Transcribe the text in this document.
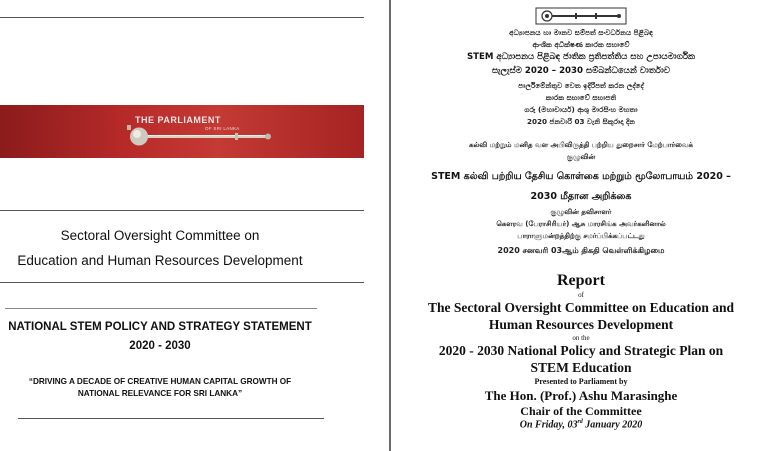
THE PARLIAMENT
OF SRI LANKA
Sectoral Oversight Committee on
Education and Human Resources Development
NATIONAL STEM POLICY AND STRATEGY STATEMENT
2020 - 2030
“DRIVING A DECADE OF CREATIVE HUMAN CAPITAL GROWTH OF
NATIONAL RELEVANCE FOR SRI LANKA”
අධ්‍යාපනය හා මානව සම්පත් සංවර්ධනය පිළිබඳ
ආංශික අධීක්ෂණ කාරක සභාවේ
STEM අධ්‍යාපනය පිළිබඳ ජාතික ප්‍රතිපත්තිය සහ උපායමාර්ගික
සැලැස්ම 2020 – 2030 සම්බන්ධයෙන් වාර්තාව
පාර්ලිමේන්තුව වෙත ඉදිරිපත් කරන ලද්දේ
කාරක සභාවේ සභාපති
ගරු (මහාචාර්ය) ආශු මාරසිංහ මහතා
2020 ජනවාරි 03 වැනි සිකුරාදා දින
கல்வி மற்றும் மனித வள அபிவிருத்தி பற்றிய துறைசார் மேற்பார்வைக்
குழுவின்
STEM கல்வி பற்றிய தேசிய கொள்கை மற்றும் மூலோபாயம் 2020 –
2030 மீதான அறிக்கை
குழுவின் தவிசாளர்
கௌரவ (பேராசிரியர்) ஆசு மாரசிங்க அவர்களினால்
பாராளுமன்றத்திற்கு சமர்ப்பிக்கப்பட்டது
2020 சனவரி 03ஆம் திகதி வெள்ளிக்கிழமை
Report
of
The Sectoral Oversight Committee on Education and
Human Resources Development
on the
2020 - 2030 National Policy and Strategic Plan on
STEM Education
Presented to Parliament by
The Hon. (Prof.) Ashu Marasinghe
Chair of the Committee
On Friday, 03rd January 2020
